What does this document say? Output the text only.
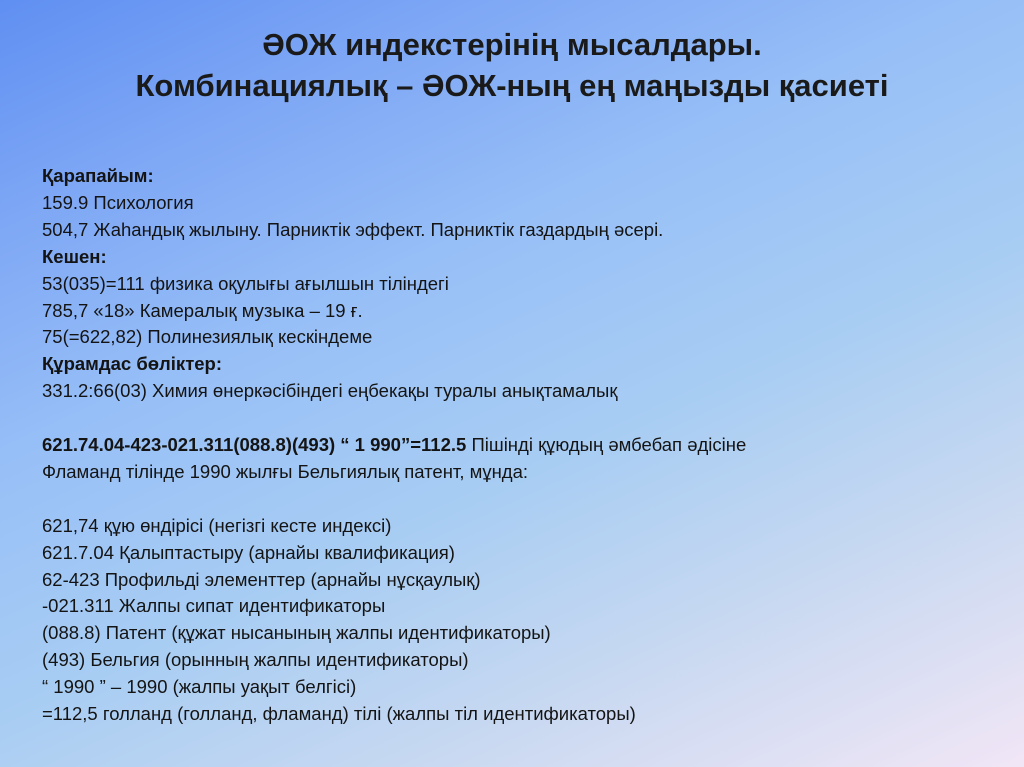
ӘОЖ индекстерінің мысалдары.
Комбинациялық – ӘОЖ-ның ең маңызды қасиеті
Қарапайым:
159.9 Психология
504,7 Жаһандық жылыну. Парниктік эффект. Парниктік газдардың әсері.
Кешен:
53(035)=111 физика оқулығы ағылшын тіліндегі
785,7 «18» Камералық музыка – 19 ғ.
75(=622,82) Полинезиялық кескіндеме
Құрамдас бөліктер:
331.2:66(03) Химия өнеркәсібіндегі еңбекақы туралы анықтамалық
621.74.04-423-021.311(088.8)(493) “ 1 990”=112.5 Пішінді құюдың әмбебап әдісіне
Фламанд тілінде 1990 жылғы Бельгиялық патент, мұнда:
621,74 құю өндірісі (негізгі кесте индексі)
621.7.04 Қалыптастыру (арнайы квалификация)
62-423 Профильді элементтер (арнайы нұсқаулық)
-021.311 Жалпы сипат идентификаторы
(088.8) Патент (құжат нысанының жалпы идентификаторы)
(493) Бельгия (орынның жалпы идентификаторы)
“ 1990 ” – 1990 (жалпы уақыт белгісі)
=112,5 голланд (голланд, фламанд) тілі (жалпы тіл идентификаторы)
